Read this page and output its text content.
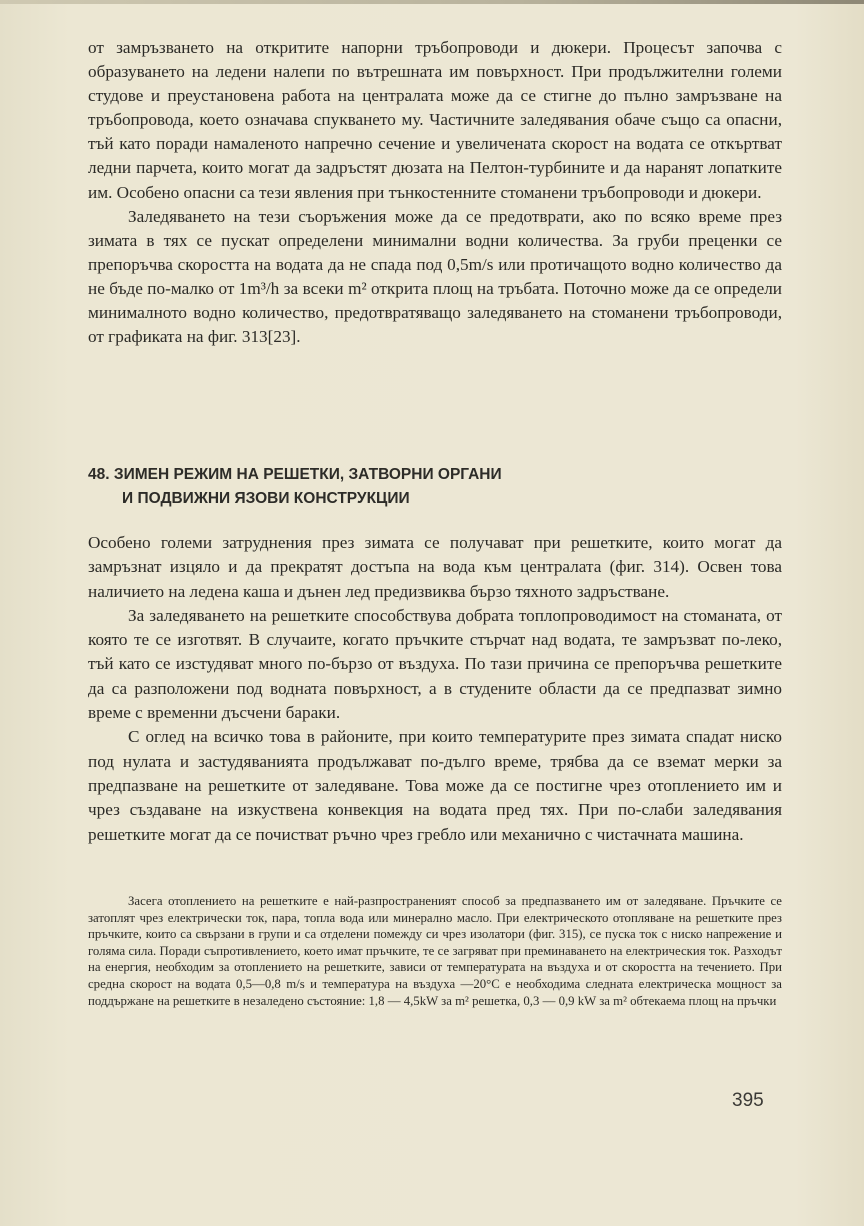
от замръзването на откритите напорни тръбопроводи и дюкери. Процесът започва с образуването на ледени налепи по вътрешната им повърхност. При продължителни големи студове и преустановена работа на централата може да се стигне до пълно замръзване на тръбопровода, което означава спукването му. Частичните заледявания обаче също са опасни, тъй като поради намаленото напречно сечение и увеличената скорост на водата се откъртват ледни парчета, които могат да задръстят дюзата на Пелтон-турбините и да наранят лопатките им. Особено опасни са тези явления при тънкостенните стоманени тръбопроводи и дюкери.

Заледяването на тези съоръжения може да се предотврати, ако по всяко време през зимата в тях се пускат определени минимални водни количества. За груби преценки се препоръчва скоростта на водата да не спада под 0,5m/s или протичащото водно количество да не бъде по-малко от 1m³/h за всеки m² открита площ на тръбата. Поточно може да се определи минималното водно количество, предотвратяващо заледяването на стоманени тръбопроводи, от графиката на фиг. 313[23].

48. ЗИМЕН РЕЖИМ НА РЕШЕТКИ, ЗАТВОРНИ ОРГАНИ
И ПОДВИЖНИ ЯЗОВИ КОНСТРУКЦИИ

Особено големи затруднения през зимата се получават при решетките, които могат да замръзнат изцяло и да прекратят достъпа на вода към централата (фиг. 314). Освен това наличието на ледена каша и дънен лед предизвиква бързо тяхното задръстване.

За заледяването на решетките способствува добрата топлопроводимост на стоманата, от която те се изготвят. В случаите, когато пръчките стърчат над водата, те замръзват по-леко, тъй като се изстудяват много по-бързо от въздуха. По тази причина се препоръчва решетките да са разположени под водната повърхност, а в студените области да се предпазват зимно време с временни дъсчени бараки.

С оглед на всичко това в районите, при които температурите през зимата спадат ниско под нулата и застудяванията продължават по-дълго време, трябва да се вземат мерки за предпазване на решетките от заледяване. Това може да се постигне чрез отоплението им и чрез създаване на изкуствена конвекция на водата пред тях. При по-слаби заледявания решетките могат да се почистват ръчно чрез гребло или механично с чистачната машина.

Засега отоплението на решетките е най-разпространеният способ за предпазването им от заледяване. Пръчките се затоплят чрез електрически ток, пара, топла вода или минерално масло. При електрическото отопляване на решетките през пръчките, които са свързани в групи и са отделени помежду си чрез изолатори (фиг. 315), се пуска ток с ниско напрежение и голяма сила. Поради съпротивлението, което имат пръчките, те се загряват при преминаването на електрическия ток. Разходът на енергия, необходим за отоплението на решетките, зависи от температурата на въздуха и от скоростта на течението. При средна скорост на водата 0,5—0,8 m/s и температура на въздуха —20°С е необходима следната електрическа мощност за поддържане на решетките в незаледено състояние: 1,8 — 4,5kW за m² решетка, 0,3 — 0,9 kW за m² обтекаема площ на пръчки

395
